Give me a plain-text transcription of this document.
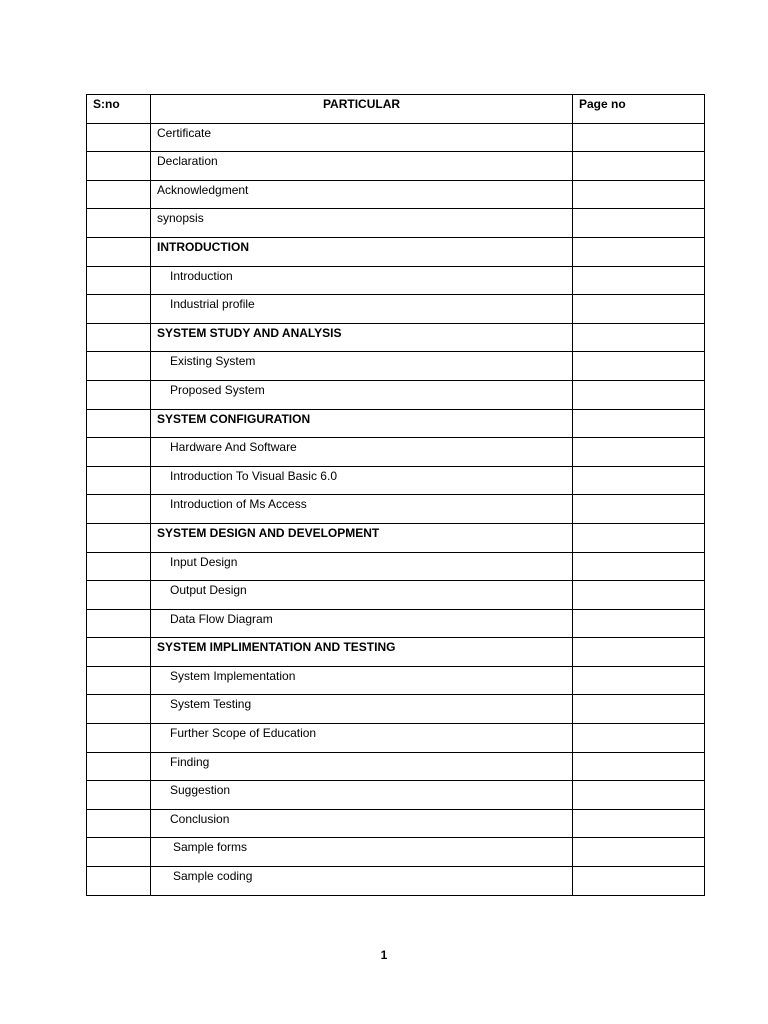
S:no	PARTICULAR	Page no

	Certificate	

	Declaration	

	Acknowledgment	

	synopsis	

	INTRODUCTION	

	Introduction	

	Industrial profile	

	SYSTEM STUDY AND ANALYSIS	

	Existing System	

	Proposed System	

	SYSTEM CONFIGURATION	

	Hardware And Software	

	Introduction To Visual Basic 6.0	

	Introduction of Ms Access	

	SYSTEM DESIGN AND DEVELOPMENT	

	Input Design	

	Output Design	

	Data Flow Diagram	

	SYSTEM IMPLIMENTATION AND TESTING	

	System Implementation	

	System Testing	

	Further Scope of Education	

	Finding	

	Suggestion	

	Conclusion	

	Sample forms	

	Sample coding	

1
